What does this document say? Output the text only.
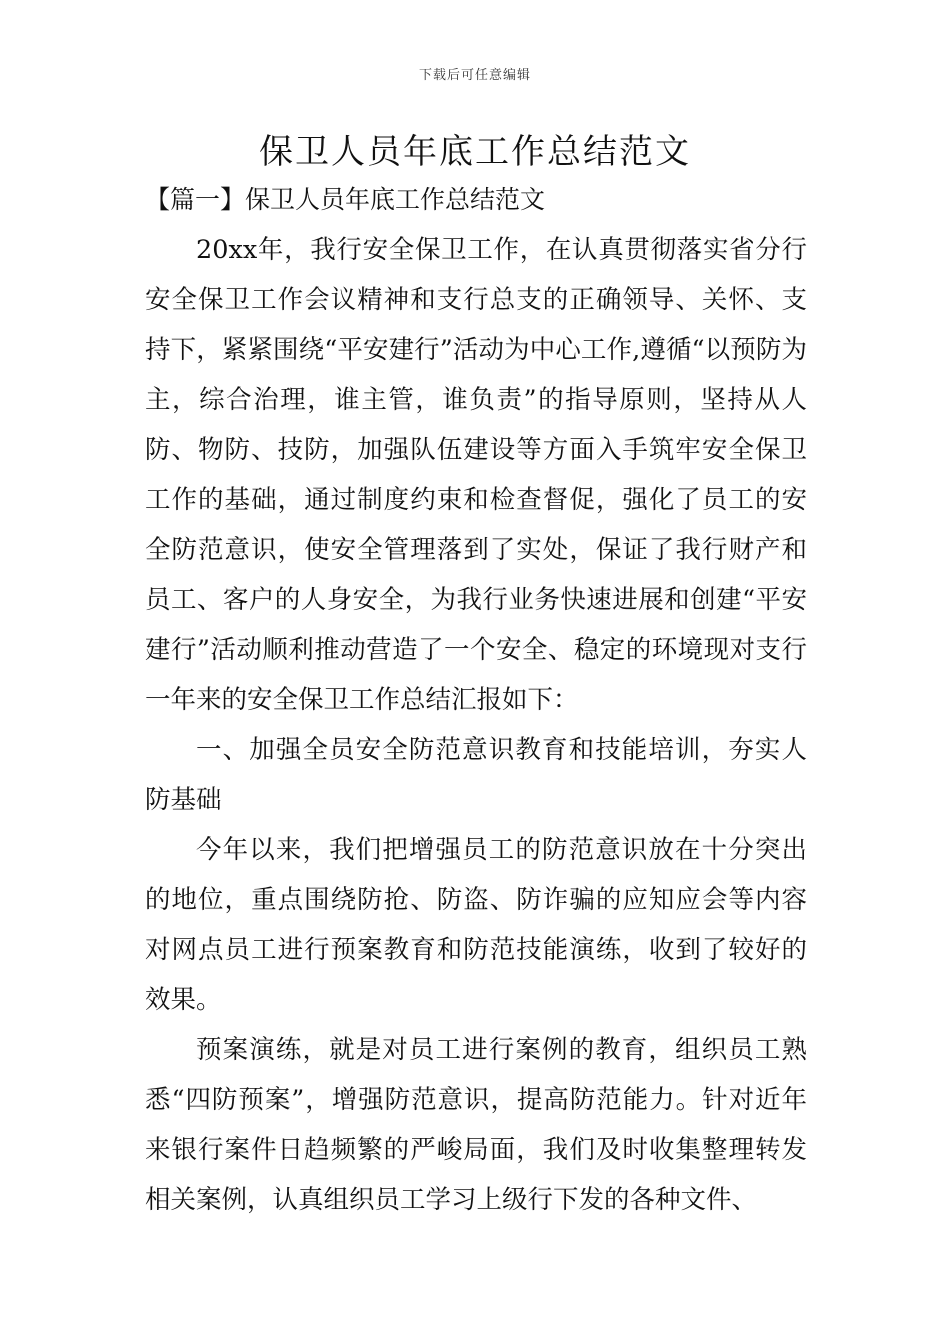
下载后可任意编辑
保卫人员年底工作总结范文
【篇一】保卫人员年底工作总结范文

20xx年，我行安全保卫工作，在认真贯彻落实省分行安全保卫工作会议精神和支行总支的正确领导、关怀、支持下，紧紧围绕“平安建行”活动为中心工作,遵循“以预防为主，综合治理，谁主管，谁负责”的指导原则，坚持从人防、物防、技防，加强队伍建设等方面入手筑牢安全保卫工作的基础，通过制度约束和检查督促，强化了员工的安全防范意识，使安全管理落到了实处，保证了我行财产和员工、客户的人身安全，为我行业务快速进展和创建“平安建行”活动顺利推动营造了一个安全、稳定的环境现对支行一年来的安全保卫工作总结汇报如下：

一、加强全员安全防范意识教育和技能培训，夯实人防基础

今年以来，我们把增强员工的防范意识放在十分突出的地位，重点围绕防抢、防盗、防诈骗的应知应会等内容对网点员工进行预案教育和防范技能演练，收到了较好的效果。

预案演练，就是对员工进行案例的教育，组织员工熟悉“四防预案”，增强防范意识，提高防范能力。针对近年来银行案件日趋频繁的严峻局面，我们及时收集整理转发相关案例，认真组织员工学习上级行下发的各种文件、
